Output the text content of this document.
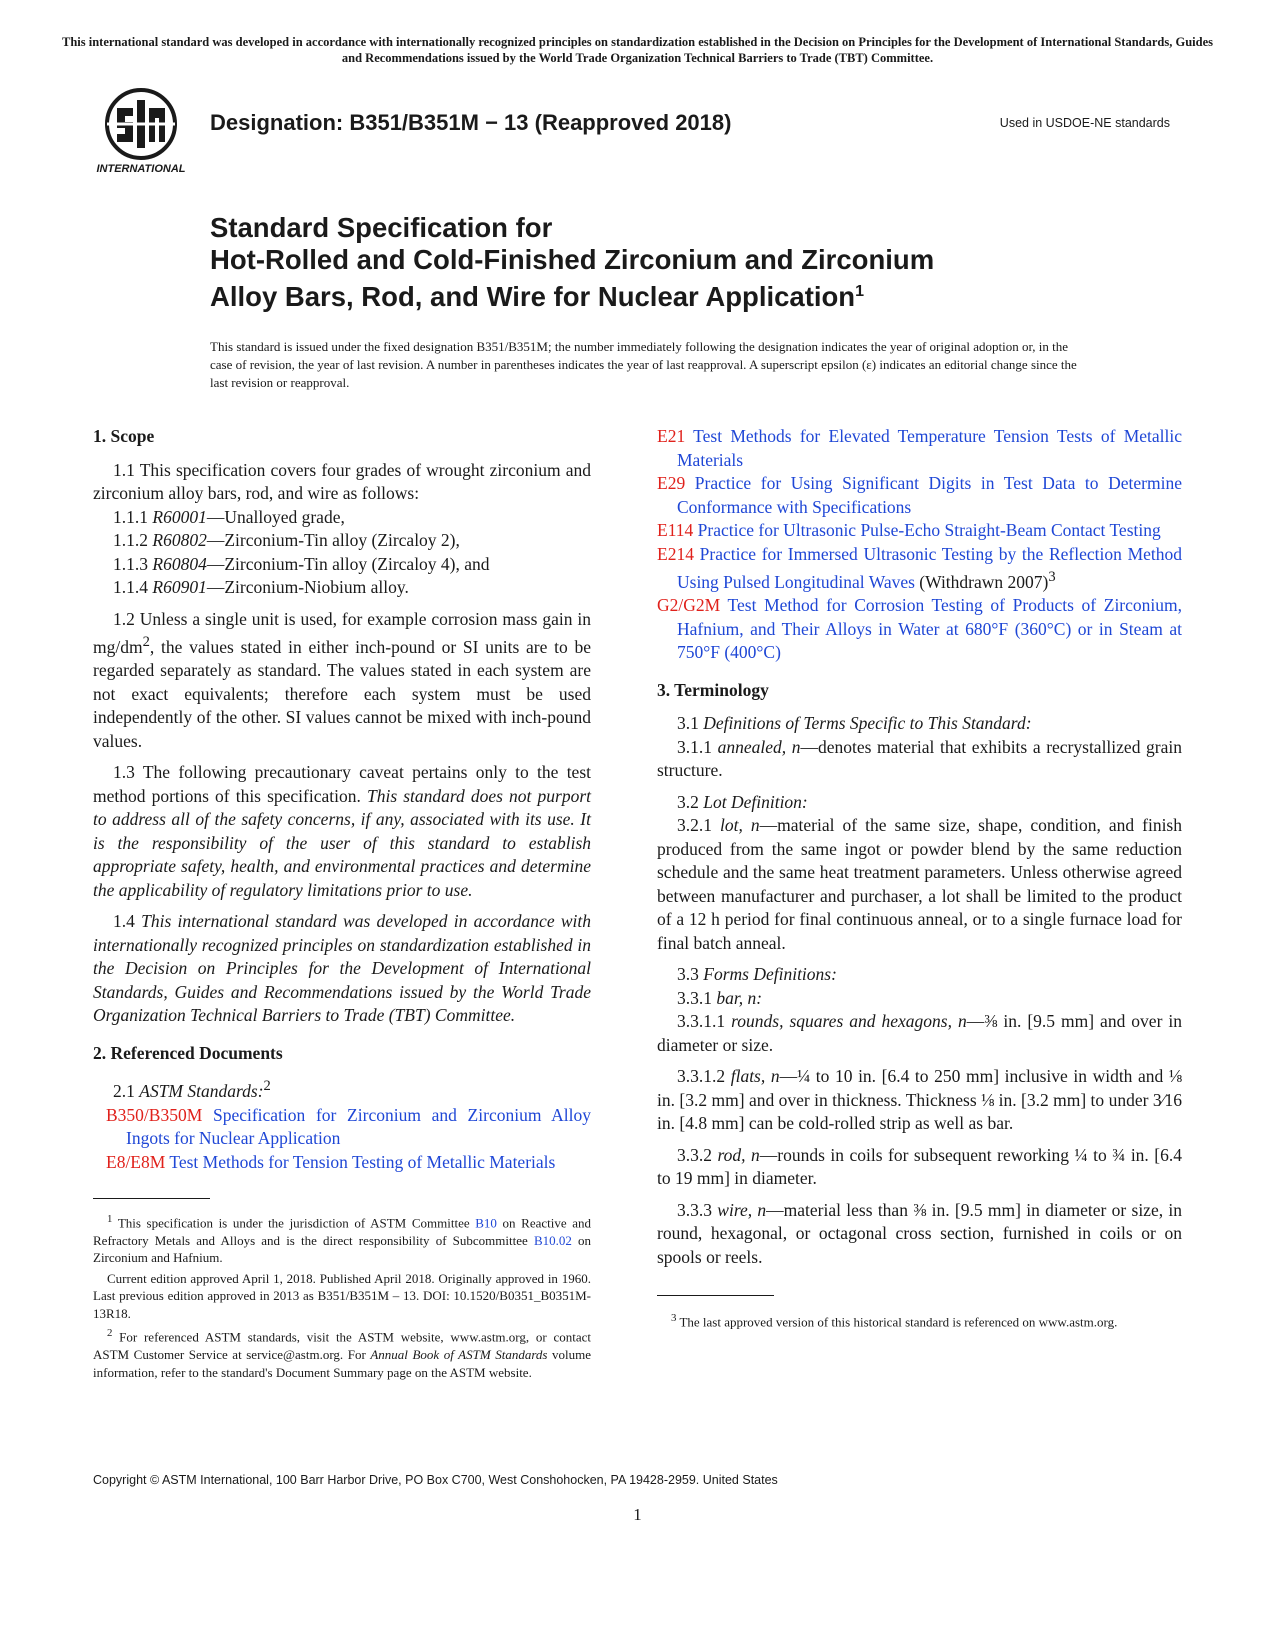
This international standard was developed in accordance with internationally recognized principles on standardization established in the Decision on Principles for the Development of International Standards, Guides and Recommendations issued by the World Trade Organization Technical Barriers to Trade (TBT) Committee.
INTERNATIONAL
Designation: B351/B351M − 13 (Reapproved 2018)	Used in USDOE-NE standards
Standard Specification for
Hot-Rolled and Cold-Finished Zirconium and Zirconium
Alloy Bars, Rod, and Wire for Nuclear Application$^1$
This standard is issued under the fixed designation B351/B351M; the number immediately following the designation indicates the year of original adoption or, in the case of revision, the year of last revision. A number in parentheses indicates the year of last reapproval. A superscript epsilon (ε) indicates an editorial change since the last revision or reapproval.

1. Scope

1.1 This specification covers four grades of wrought zirconium and zirconium alloy bars, rod, and wire as follows:

1.1.1 R60001—Unalloyed grade,

1.1.2 R60802—Zirconium-Tin alloy (Zircaloy 2),

1.1.3 R60804—Zirconium-Tin alloy (Zircaloy 4), and

1.1.4 R60901—Zirconium-Niobium alloy.

1.2 Unless a single unit is used, for example corrosion mass gain in $mg/dm^2$, the values stated in either inch-pound or SI units are to be regarded separately as standard. The values stated in each system are not exact equivalents; therefore each system must be used independently of the other. SI values cannot be mixed with inch-pound values.

1.3 The following precautionary caveat pertains only to the test method portions of this specification. This standard does not purport to address all of the safety concerns, if any, associated with its use. It is the responsibility of the user of this standard to establish appropriate safety, health, and environmental practices and determine the applicability of regulatory limitations prior to use.

1.4 This international standard was developed in accordance with internationally recognized principles on standardization established in the Decision on Principles for the Development of International Standards, Guides and Recommendations issued by the World Trade Organization Technical Barriers to Trade (TBT) Committee.

2. Referenced Documents

2.1 ASTM Standards:$^2$

B350/B350M Specification for Zirconium and Zirconium Alloy Ingots for Nuclear Application

E8/E8M Test Methods for Tension Testing of Metallic Materials

$^1$ This specification is under the jurisdiction of ASTM Committee B10 on Reactive and Refractory Metals and Alloys and is the direct responsibility of Subcommittee B10.02 on Zirconium and Hafnium.

Current edition approved April 1, 2018. Published April 2018. Originally approved in 1960. Last previous edition approved in 2013 as B351/B351M – 13. DOI: 10.1520/B0351_B0351M-13R18.

$^2$ For referenced ASTM standards, visit the ASTM website, www.astm.org, or contact ASTM Customer Service at service@astm.org. For Annual Book of ASTM Standards volume information, refer to the standard's Document Summary page on the ASTM website.

E21 Test Methods for Elevated Temperature Tension Tests of Metallic Materials

E29 Practice for Using Significant Digits in Test Data to Determine Conformance with Specifications

E114 Practice for Ultrasonic Pulse-Echo Straight-Beam Contact Testing

E214 Practice for Immersed Ultrasonic Testing by the Reflection Method Using Pulsed Longitudinal Waves (Withdrawn 2007)$^3$

G2/G2M Test Method for Corrosion Testing of Products of Zirconium, Hafnium, and Their Alloys in Water at 680°F (360°C) or in Steam at 750°F (400°C)

3. Terminology

3.1 Definitions of Terms Specific to This Standard:

3.1.1 annealed, n—denotes material that exhibits a recrystallized grain structure.

3.2 Lot Definition:

3.2.1 lot, n—material of the same size, shape, condition, and finish produced from the same ingot or powder blend by the same reduction schedule and the same heat treatment parameters. Unless otherwise agreed between manufacturer and purchaser, a lot shall be limited to the product of a 12 h period for final continuous anneal, or to a single furnace load for final batch anneal.

3.3 Forms Definitions:

3.3.1 bar, n:

3.3.1.1 rounds, squares and hexagons, n—⅜ in. [9.5 mm] and over in diameter or size.

3.3.1.2 flats, n—¼ to 10 in. [6.4 to 250 mm] inclusive in width and ⅛ in. [3.2 mm] and over in thickness. Thickness ⅛ in. [3.2 mm] to under 3⁄16 in. [4.8 mm] can be cold-rolled strip as well as bar.

3.3.2 rod, n—rounds in coils for subsequent reworking ¼ to ¾ in. [6.4 to 19 mm] in diameter.

3.3.3 wire, n—material less than ⅜ in. [9.5 mm] in diameter or size, in round, hexagonal, or octagonal cross section, furnished in coils or on spools or reels.

$^3$ The last approved version of this historical standard is referenced on www.astm.org.

Copyright © ASTM International, 100 Barr Harbor Drive, PO Box C700, West Conshohocken, PA 19428-2959. United States
1
